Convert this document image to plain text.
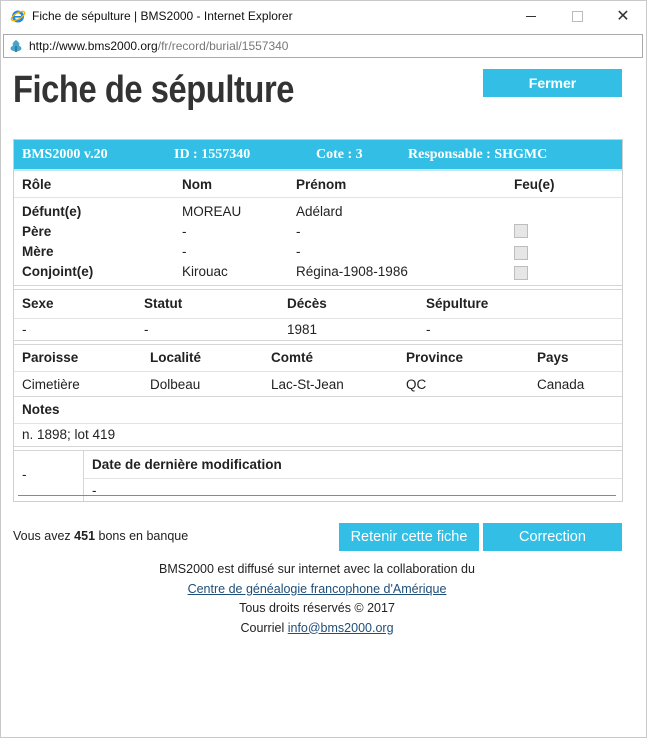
Fiche de sépulture | BMS2000 - Internet Explorer	✕
http://www.bms2000.org /fr/record/burial/1557340
Fiche de sépulture	Fermer
BMS2000 v.20	ID : 1557340	Cote : 3	Responsable : SHGMC
Rôle	Nom	Prénom	Feu(e)
Défunt(e)	MOREAU	Adélard
Père	-	-
Mère	-	-
Conjoint(e)	Kirouac	Régina-1908-1986
Sexe	Statut	Décès	Sépulture
-	-	1981	-
Paroisse	Localité	Comté	Province	Pays
Cimetière	Dolbeau	Lac-St-Jean	QC	Canada
Notes
n. 1898; lot 419
-
Date de dernière modification
-
Vous avez 451 bons en banque	Retenir cette fiche	Correction
BMS2000 est diffusé sur internet avec la collaboration du
Centre de généalogie francophone d'Amérique
Tous droits réservés © 2017
Courriel info@bms2000.org
